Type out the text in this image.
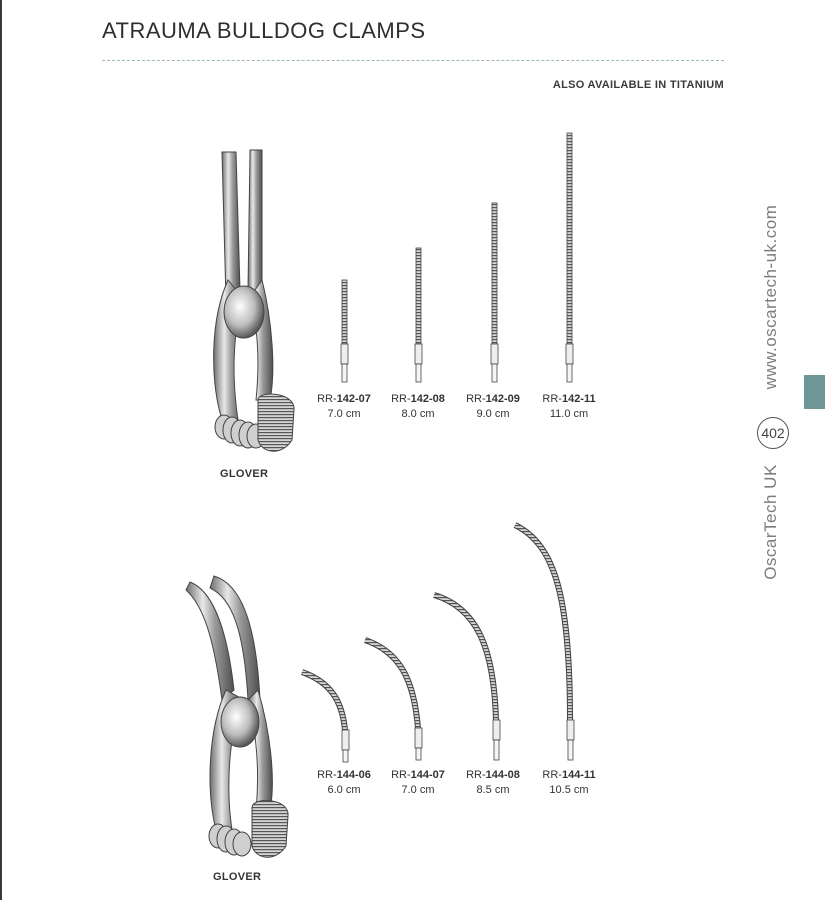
ATRAUMA BULLDOG CLAMPS
ALSO AVAILABLE IN TITANIUM
GLOVER
RR-142-07
7.0 cm
RR-142-08
8.0 cm
RR-142-09
9.0 cm
RR-142-11
11.0 cm
GLOVER
RR-144-06
6.0 cm
RR-144-07
7.0 cm
RR-144-08
8.5 cm
RR-144-11
10.5 cm
www.oscartech-uk.com
402
OscarTech UK
